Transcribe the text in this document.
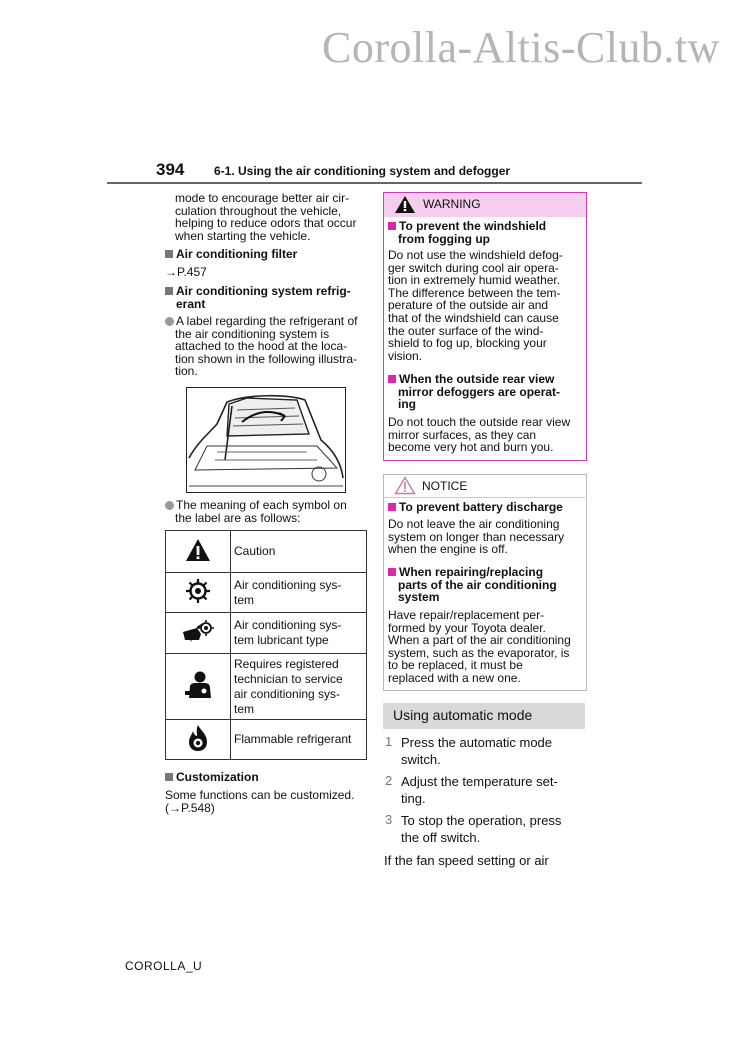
Corolla-Altis-Club.tw
394 6-1. Using the air conditioning system and defogger
mode to encourage better air cir-
culation throughout the vehicle,
helping to reduce odors that occur
when starting the vehicle.
Air conditioning filter
→P.457
Air conditioning system refrig-
erant
A label regarding the refrigerant of
the air conditioning system is
attached to the hood at the loca-
tion shown in the following illustra-
tion.
The meaning of each symbol on
the label are as follows:

Caution

Air conditioning sys-
tem

Air conditioning sys-
tem lubricant type

Requires registered
technician to service
air conditioning sys-
tem

Flammable refrigerant
Customization
Some functions can be customized.
(→P.548)
WARNING
To prevent the windshield
from fogging up
Do not use the windshield defog-
ger switch during cool air opera-
tion in extremely humid weather.
The difference between the tem-
perature of the outside air and
that of the windshield can cause
the outer surface of the wind-
shield to fog up, blocking your
vision.
When the outside rear view
mirror defoggers are operat-
ing
Do not touch the outside rear view
mirror surfaces, as they can
become very hot and burn you.
NOTICE
To prevent battery discharge
Do not leave the air conditioning
system on longer than necessary
when the engine is off.
When repairing/replacing
parts of the air conditioning
system
Have repair/replacement per-
formed by your Toyota dealer.
When a part of the air conditioning
system, such as the evaporator, is
to be replaced, it must be
replaced with a new one.
Using automatic mode
1 Press the automatic mode
switch.
2 Adjust the temperature set-
ting.
3 To stop the operation, press
the off switch.
If the fan speed setting or air
COROLLA_U
